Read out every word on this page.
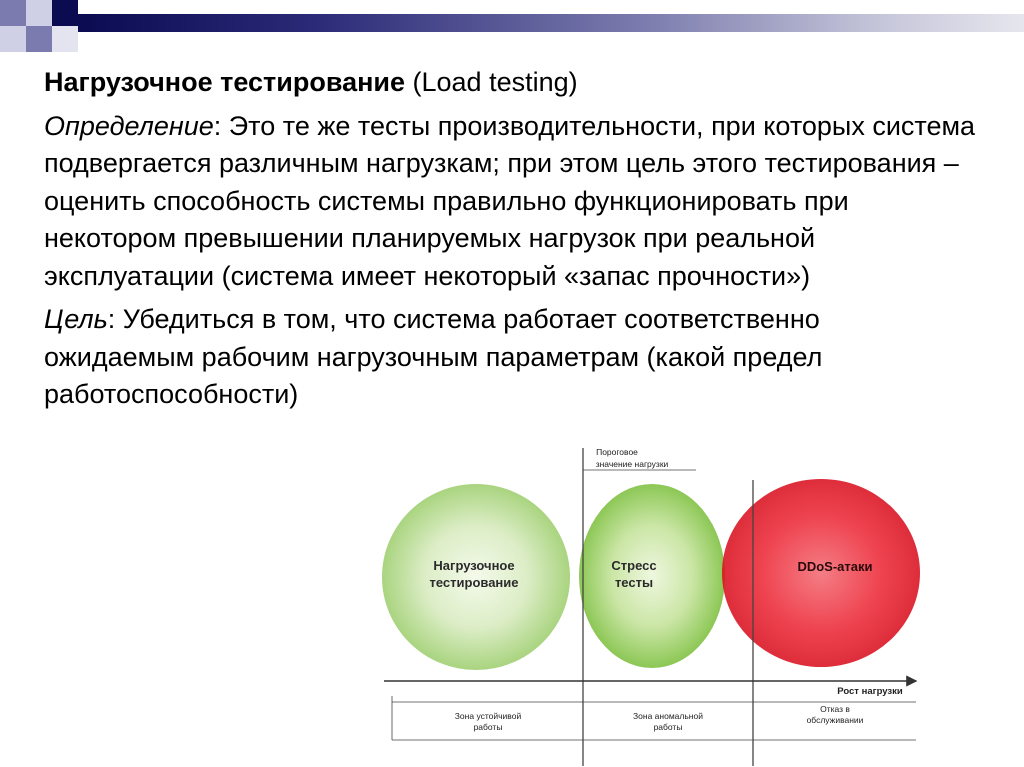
Нагрузочное тестирование (Load testing)

Определение: Это те же тесты производительности, при которых система подвергается различным нагрузкам; при этом цель этого тестирования – оценить способность системы правильно функционировать при некотором превышении планируемых нагрузок при реальной эксплуатации (система имеет некоторый «запас прочности»)

Цель: Убедиться в том, что система работает соответственно ожидаемым рабочим нагрузочным параметрам (какой предел работоспособности)

Пороговое
значение нагрузки
Нагрузочное
тестирование
Стресс
тесты
DDoS-атаки
Рост нагрузки
Зона устойчивой
работы
Зона аномальной
работы
Отказ в
обслуживании
